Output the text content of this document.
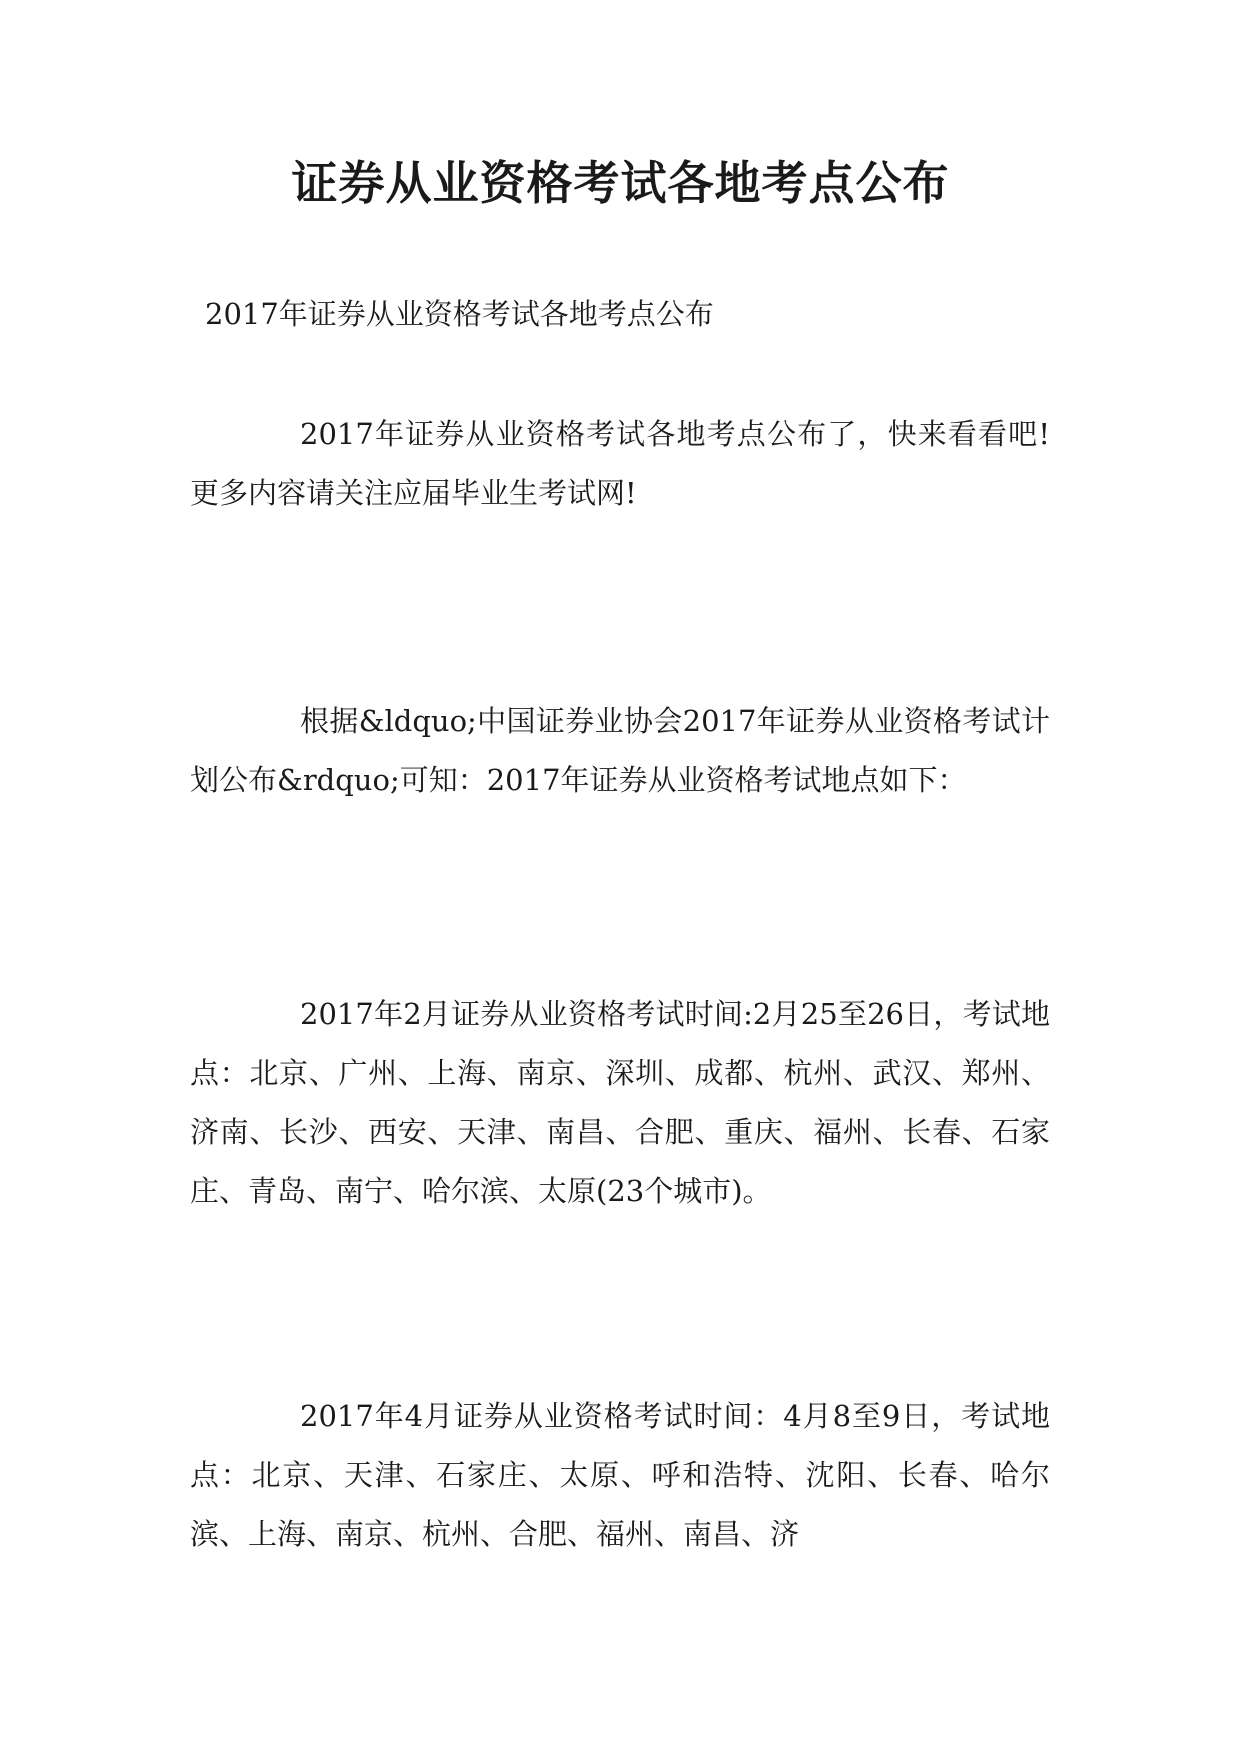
证券从业资格考试各地考点公布

2017年证券从业资格考试各地考点公布

2017年证券从业资格考试各地考点公布了，快来看看吧!更多内容请关注应届毕业生考试网!

根据&ldquo;中国证券业协会2017年证券从业资格考试计划公布&rdquo;可知：2017年证券从业资格考试地点如下：

2017年2月证券从业资格考试时间:2月25至26日，考试地点：北京、广州、上海、南京、深圳、成都、杭州、武汉、郑州、济南、长沙、西安、天津、南昌、合肥、重庆、福州、长春、石家庄、青岛、南宁、哈尔滨、太原(23个城市)。

2017年4月证券从业资格考试时间：4月8至9日，考试地点：北京、天津、石家庄、太原、呼和浩特、沈阳、长春、哈尔滨、上海、南京、杭州、合肥、福州、南昌、济
